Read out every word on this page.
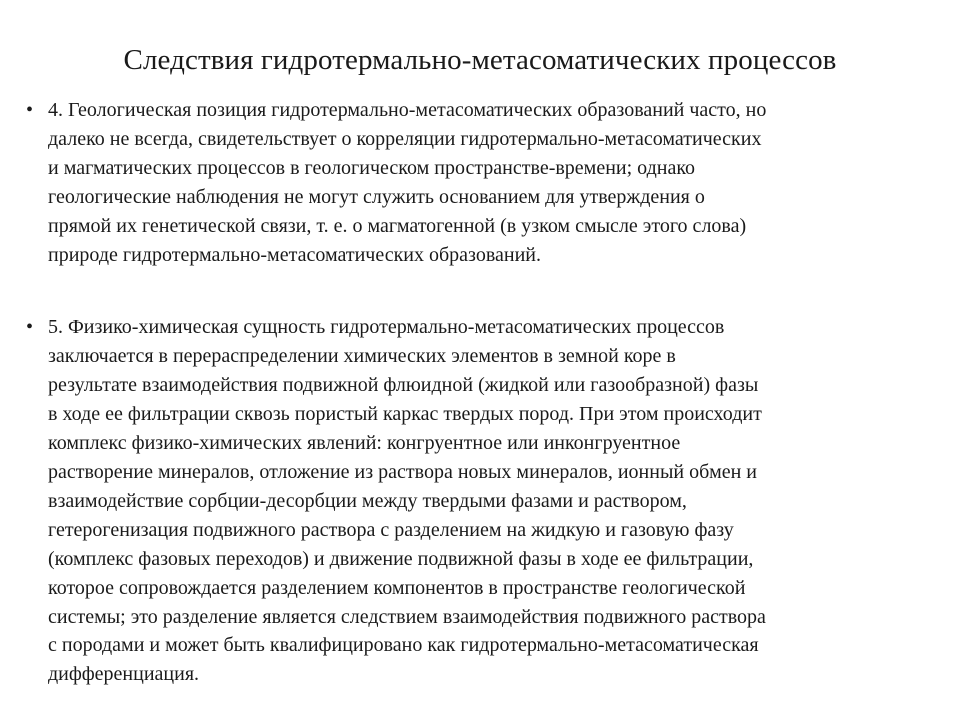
Следствия гидротермально-метасоматических процессов
• 4. Геологическая позиция гидротермально-метасоматических образований часто, но
далеко не всегда, свидетельствует о корреляции гидротермально-метасоматических
и магматических процессов в геологическом пространстве-времени; однако
геологические наблюдения не могут служить основанием для утверждения о
прямой их генетической связи, т. е. о магматогенной (в узком смысле этого слова)
природе гидротермально-метасоматических образований.
• 5. Физико-химическая сущность гидротермально-метасоматических процессов
заключается в перераспределении химических элементов в земной коре в
результате взаимодействия подвижной флюидной (жидкой или газообразной) фазы
в ходе ее фильтрации сквозь пористый каркас твердых пород. При этом происходит
комплекс физико-химических явлений: конгруентное или инконгруентное
растворение минералов, отложение из раствора новых минералов, ионный обмен и
взаимодействие сорбции-десорбции между твердыми фазами и раствором,
гетерогенизация подвижного раствора с разделением на жидкую и газовую фазу
(комплекс фазовых переходов) и движение подвижной фазы в ходе ее фильтрации,
которое сопровождается разделением компонентов в пространстве геологической
системы; это разделение является следствием взаимодействия подвижного раствора
с породами и может быть квалифицировано как гидротермально-метасоматическая
дифференциация.
